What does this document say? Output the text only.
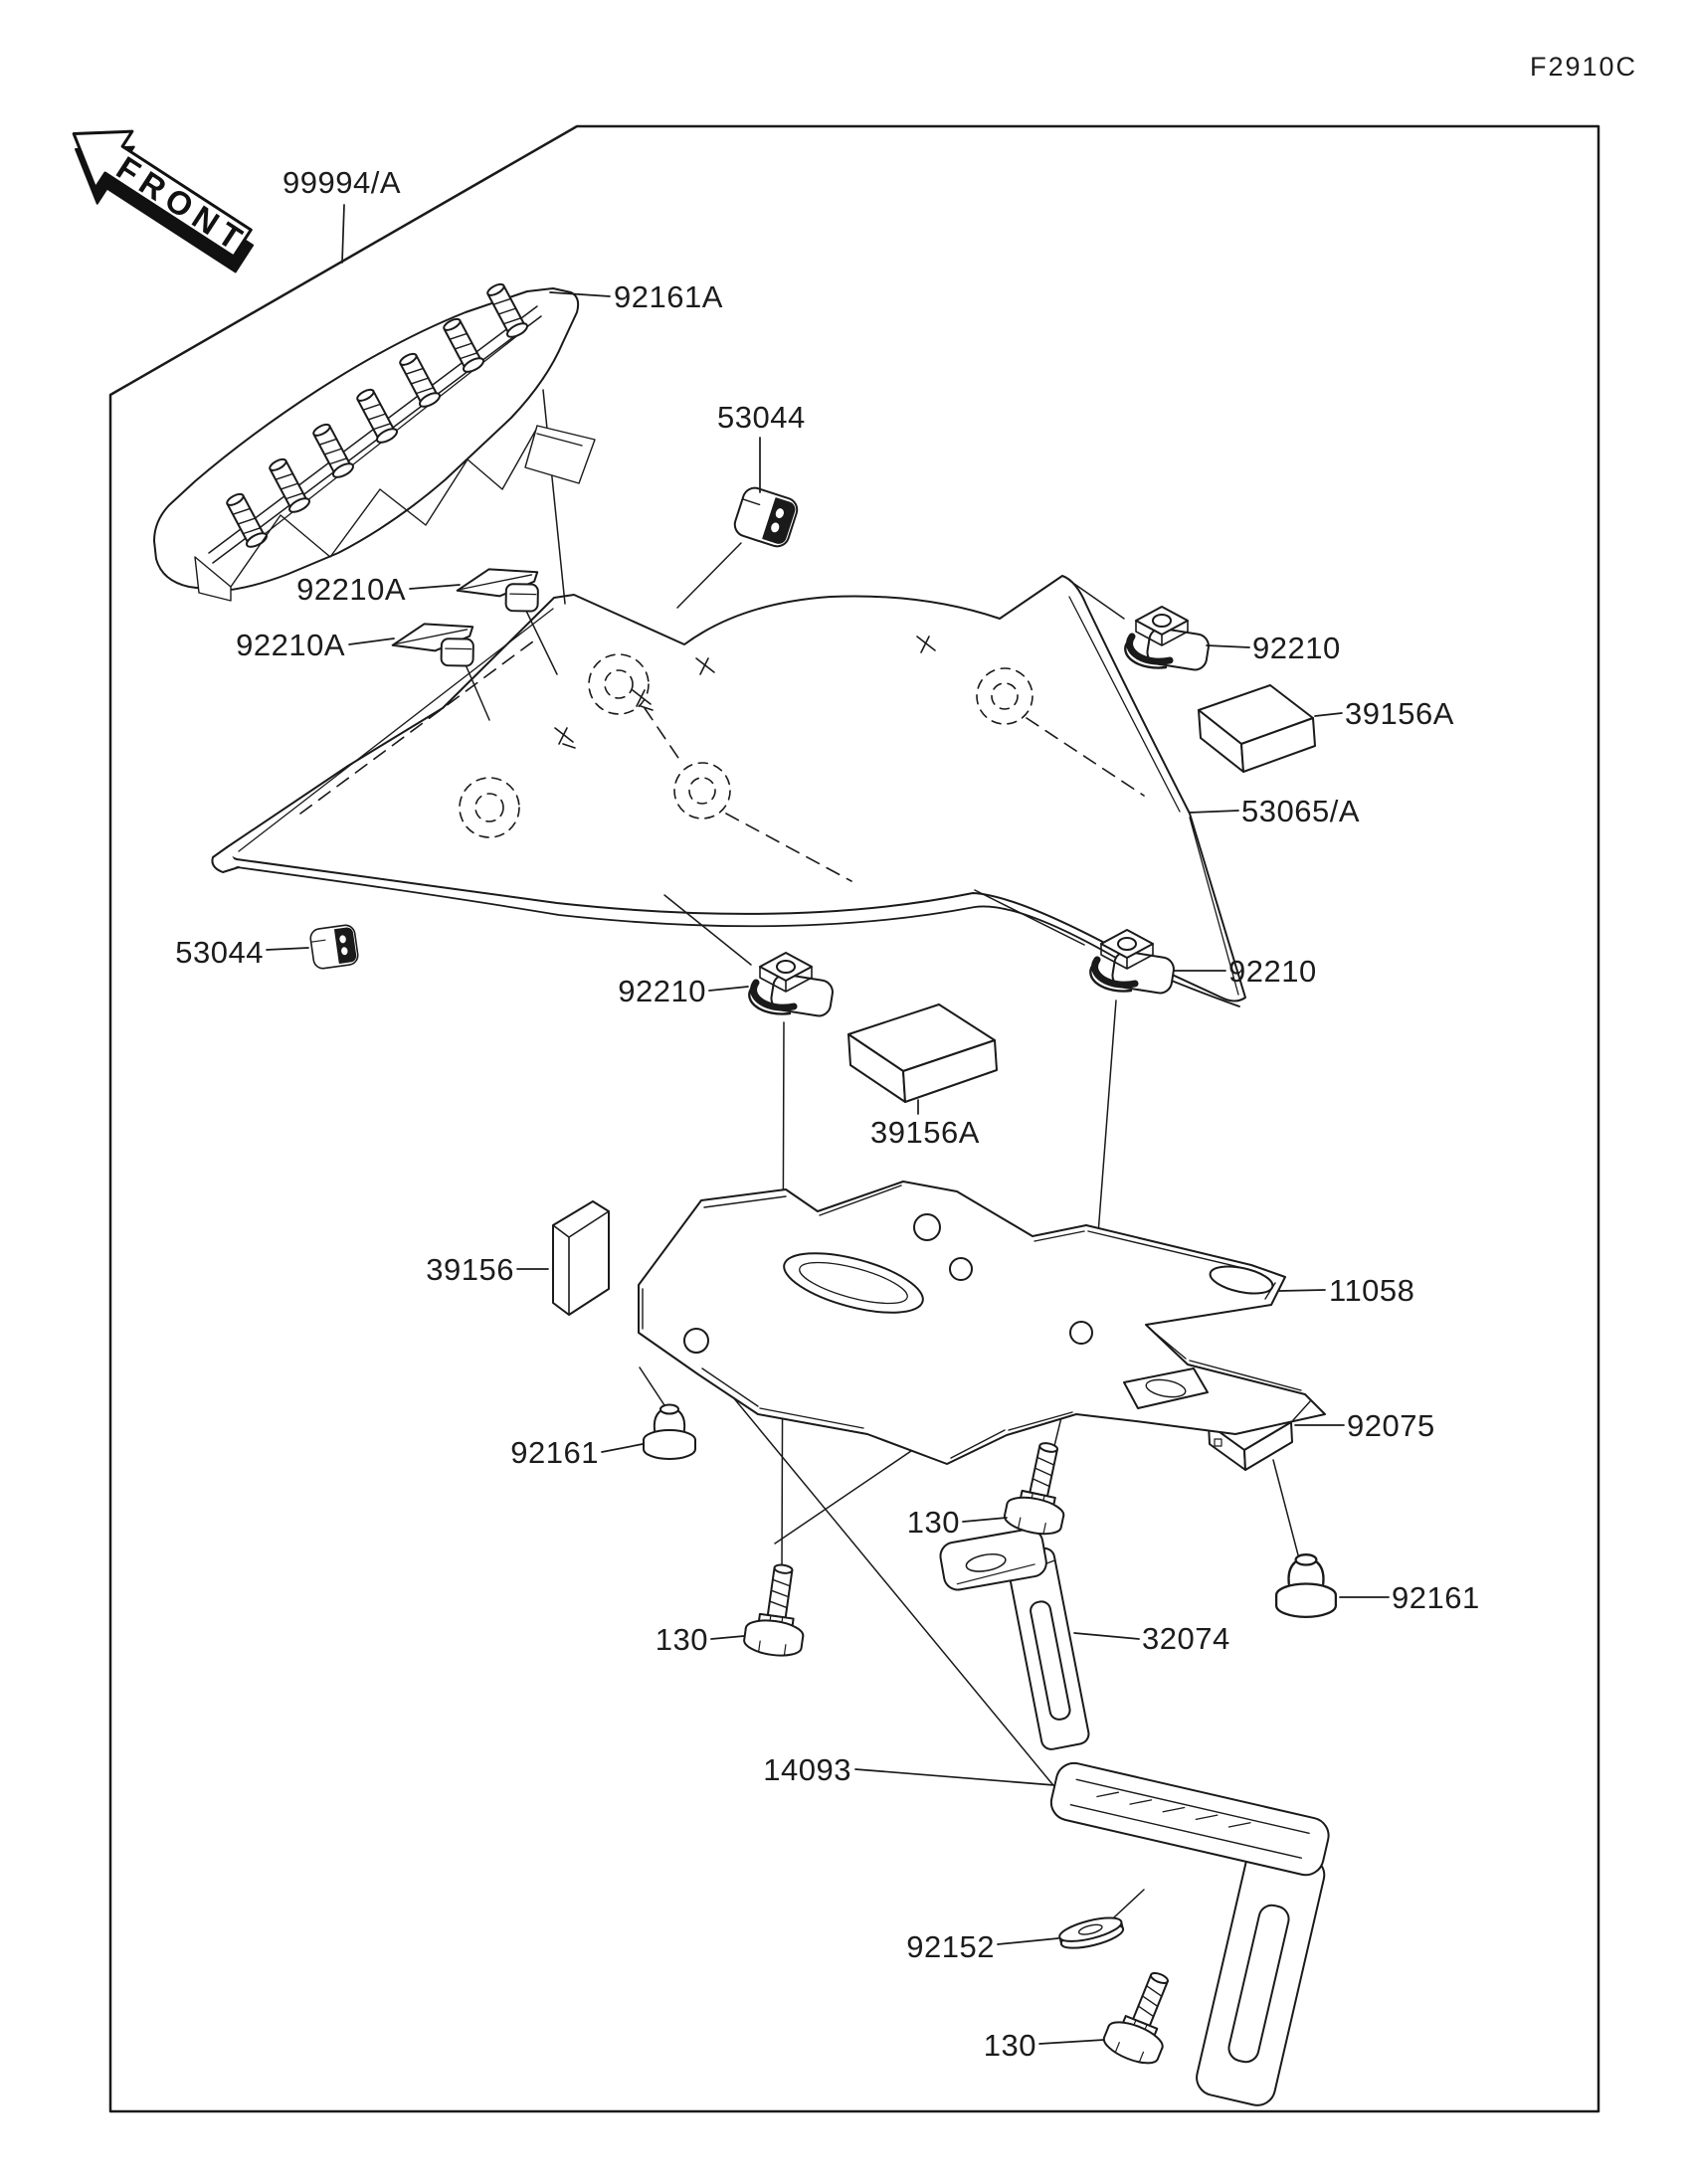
FRONT
F2910C
99994/A
92161A
53044
92210A
92210A	92210
39156A
53065/A
53044
92210
92210
39156A
39156
11058
92075
92161
130
92161
130	32074
14093
92152
130
